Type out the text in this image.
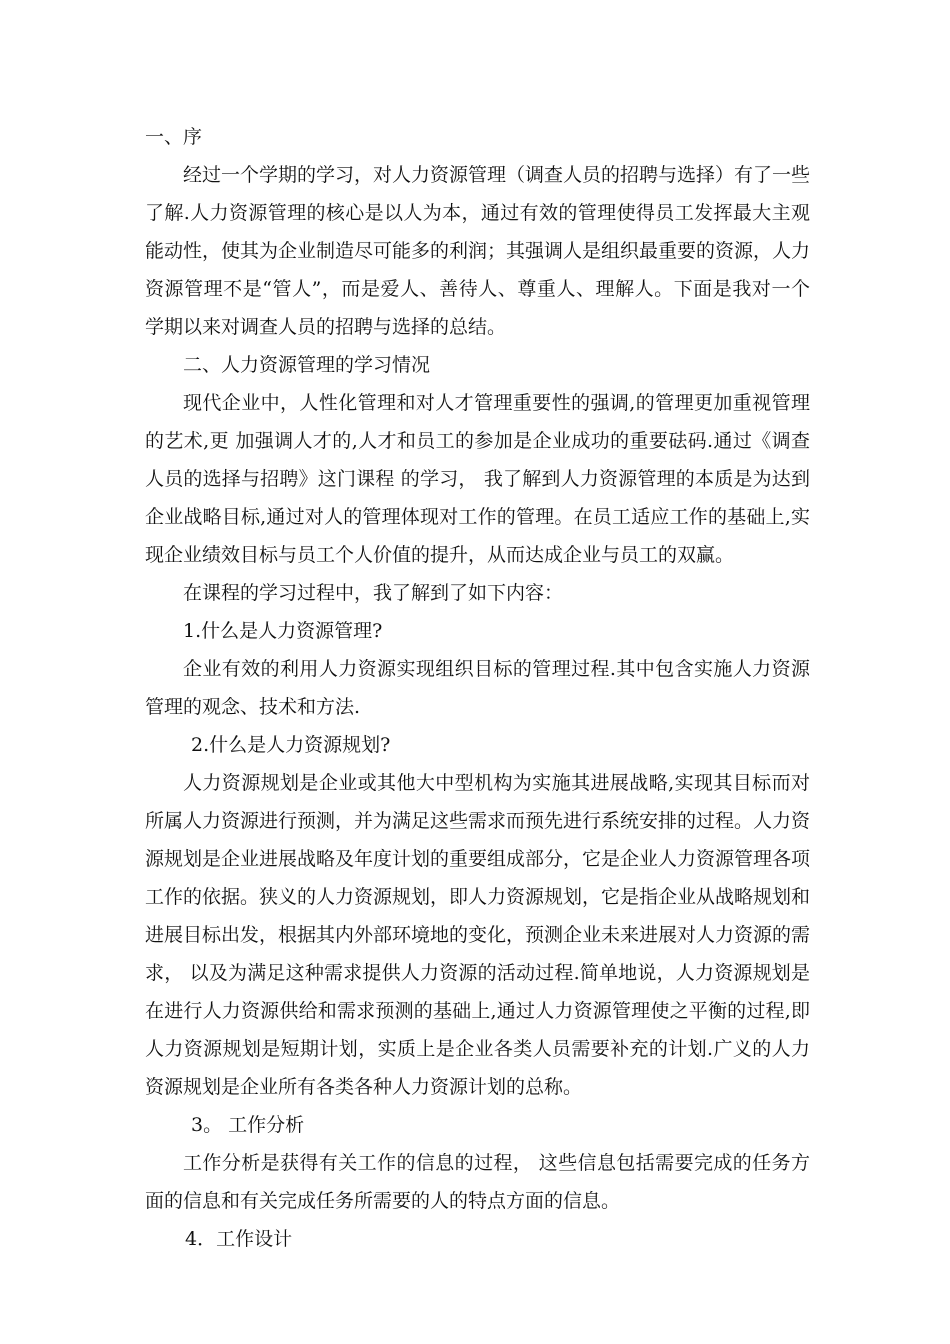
一、序

经过一个学期的学习，对人力资源管理（调查人员的招聘与选择）有了一些了解.人力资源管理的核心是以人为本，通过有效的管理使得员工发挥最大主观能动性，使其为企业制造尽可能多的利润；其强调人是组织最重要的资源，人力资源管理不是“管人”，而是爱人、善待人、尊重人、理解人。下面是我对一个学期以来对调查人员的招聘与选择的总结。

二、人力资源管理的学习情况

现代企业中，人性化管理和对人才管理重要性的强调,的管理更加重视管理的艺术,更 加强调人才的,人才和员工的参加是企业成功的重要砝码.通过《调查人员的选择与招聘》这门课程 的学习， 我了解到人力资源管理的本质是为达到企业战略目标,通过对人的管理体现对工作的管理。在员工适应工作的基础上,实现企业绩效目标与员工个人价值的提升，从而达成企业与员工的双赢。

在课程的学习过程中，我了解到了如下内容：

1.什么是人力资源管理?

企业有效的利用人力资源实现组织目标的管理过程.其中包含实施人力资源管理的观念、技术和方法.

2.什么是人力资源规划?

人力资源规划是企业或其他大中型机构为实施其进展战略,实现其目标而对所属人力资源进行预测，并为满足这些需求而预先进行系统安排的过程。人力资源规划是企业进展战略及年度计划的重要组成部分，它是企业人力资源管理各项工作的依据。狭义的人力资源规划，即人力资源规划，它是指企业从战略规划和进展目标出发，根据其内外部环境地的变化，预测企业未来进展对人力资源的需求， 以及为满足这种需求提供人力资源的活动过程.简单地说，人力资源规划是在进行人力资源供给和需求预测的基础上,通过人力资源管理使之平衡的过程,即人力资源规划是短期计划，实质上是企业各类人员需要补充的计划.广义的人力资源规划是企业所有各类各种人力资源计划的总称。

3。 工作分析

工作分析是获得有关工作的信息的过程， 这些信息包括需要完成的任务方面的信息和有关完成任务所需要的人的特点方面的信息。

4．工作设计
